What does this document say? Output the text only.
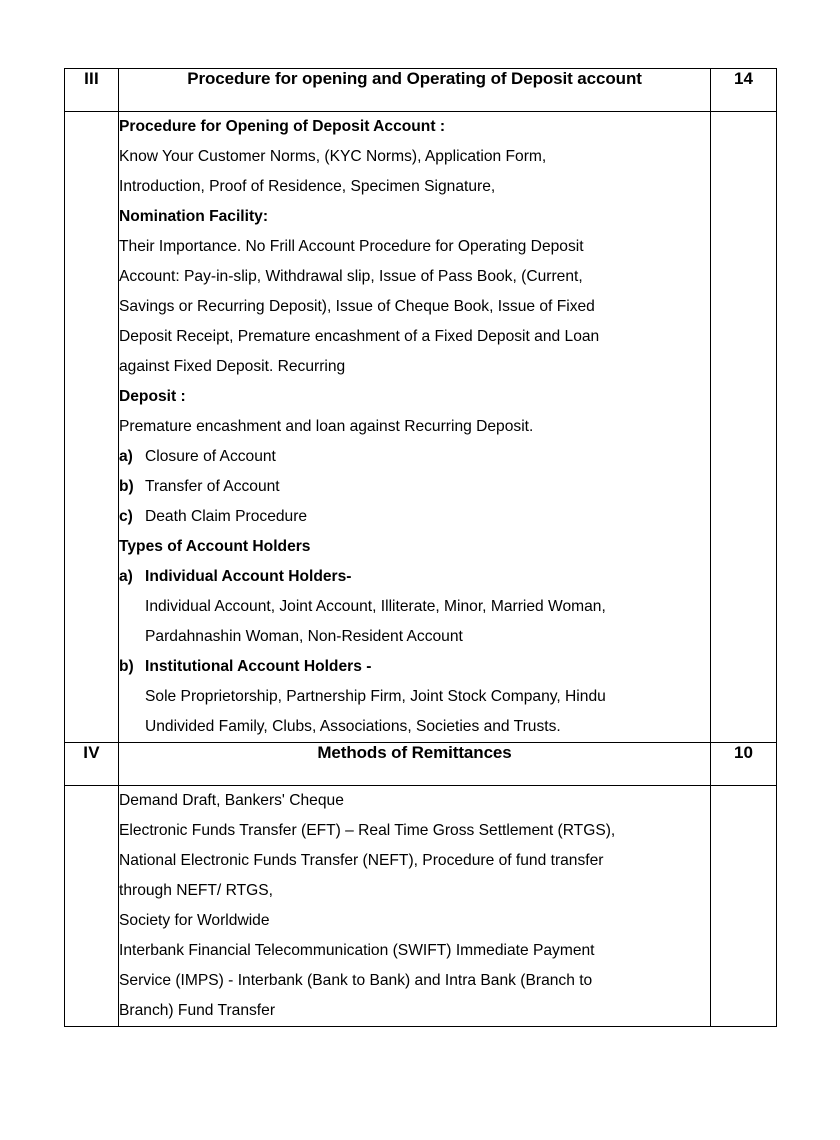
III	Procedure for opening and Operating of Deposit account	14

Procedure for Opening of Deposit Account :
Know Your Customer Norms, (KYC Norms), Application Form,
Introduction, Proof of Residence, Specimen Signature,
Nomination Facility:
Their Importance. No Frill Account Procedure for Operating Deposit
Account: Pay-in-slip, Withdrawal slip, Issue of Pass Book, (Current,
Savings or Recurring Deposit), Issue of Cheque Book, Issue of Fixed
Deposit Receipt, Premature encashment of a Fixed Deposit and Loan
against Fixed Deposit. Recurring
Deposit :
Premature encashment and loan against Recurring Deposit.
a) Closure of Account
b) Transfer of Account
c) Death Claim Procedure
Types of Account Holders
a) Individual Account Holders-
Individual Account, Joint Account, Illiterate, Minor, Married Woman,
Pardahnashin Woman, Non-Resident Account
b) Institutional Account Holders -
Sole Proprietorship, Partnership Firm, Joint Stock Company, Hindu
Undivided Family, Clubs, Associations, Societies and Trusts.

IV	Methods of Remittances	10

Demand Draft, Bankers' Cheque
Electronic Funds Transfer (EFT) – Real Time Gross Settlement (RTGS),
National Electronic Funds Transfer (NEFT), Procedure of fund transfer
through NEFT/ RTGS,
Society for Worldwide
Interbank Financial Telecommunication (SWIFT) Immediate Payment
Service (IMPS) - Interbank (Bank to Bank) and Intra Bank (Branch to
Branch) Fund Transfer
